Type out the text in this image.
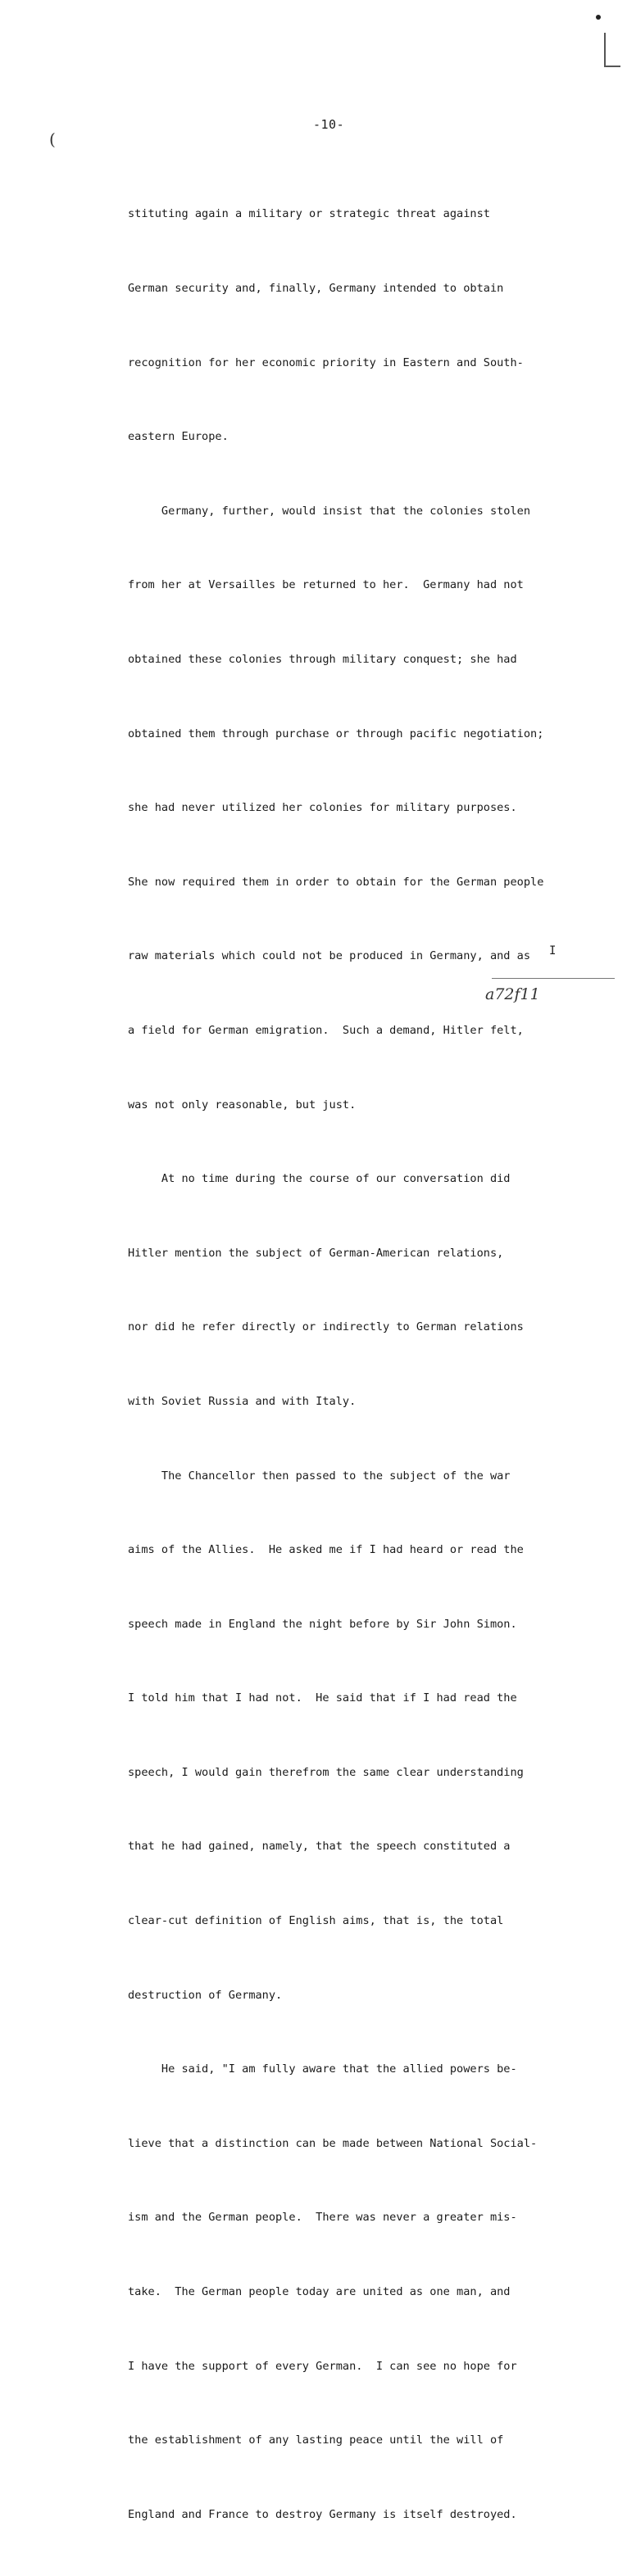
(
-10-

stituting again a military or strategic threat against

German security and, finally, Germany intended to obtain

recognition for her economic priority in Eastern and South-

eastern Europe.

Germany, further, would insist that the colonies stolen

from her at Versailles be returned to her.  Germany had not

obtained these colonies through military conquest; she had

obtained them through purchase or through pacific negotiation;

she had never utilized her colonies for military purposes.

She now required them in order to obtain for the German people

raw materials which could not be produced in Germany, and as

a field for German emigration.  Such a demand, Hitler felt,

was not only reasonable, but just.

At no time during the course of our conversation did

Hitler mention the subject of German-American relations,

nor did he refer directly or indirectly to German relations

with Soviet Russia and with Italy.

The Chancellor then passed to the subject of the war

aims of the Allies.  He asked me if I had heard or read the

speech made in England the night before by Sir John Simon.

I told him that I had not.  He said that if I had read the

speech, I would gain therefrom the same clear understanding

that he had gained, namely, that the speech constituted a

clear-cut definition of English aims, that is, the total

destruction of Germany.

He said, "I am fully aware that the allied powers be-

lieve that a distinction can be made between National Social-

ism and the German people.  There was never a greater mis-

take.  The German people today are united as one man, and

I have the support of every German.  I can see no hope for

the establishment of any lasting peace until the will of

England and France to destroy Germany is itself destroyed.

I
a72f11
